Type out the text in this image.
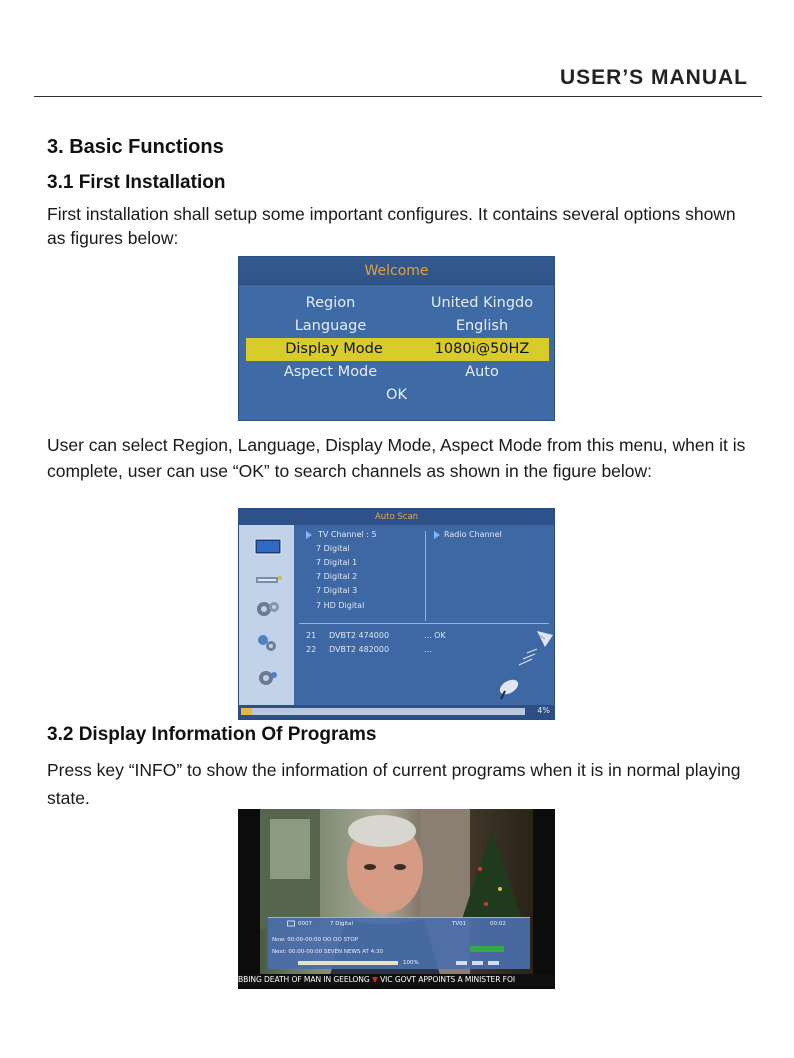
USER’S MANUAL
3. Basic Functions
3.1 First Installation
First installation shall setup some important configures. It contains several options shown as figures below:
Welcome
Region	United Kingdo
Language	English
Display Mode	1080i@50HZ
Aspect Mode	Auto
OK
User can select Region, Language, Display Mode, Aspect Mode from this menu, when it is complete, user can use “OK” to search channels as shown in the figure below:
Auto Scan
TV Channel : 5	Radio Channel
7 Digital
7 Digital 1
7 Digital 2
7 Digital 3
7 HD Digital
21 DVBT2 474000	... OK
22 DVBT2 482000	...
4%
3.2 Display Information Of Programs
Press key “INFO” to show the information of current programs when it is in normal playing state.
0007	7 Digital	TV01	00:02
Now: 00:00-00:00 OO OO STOP
Next: 00:00-00:00 SEVEN NEWS AT 4:30
100%
BBING DEATH OF MAN IN GEELONG ▼ VIC GOVT APPOINTS A MINISTER FOI
